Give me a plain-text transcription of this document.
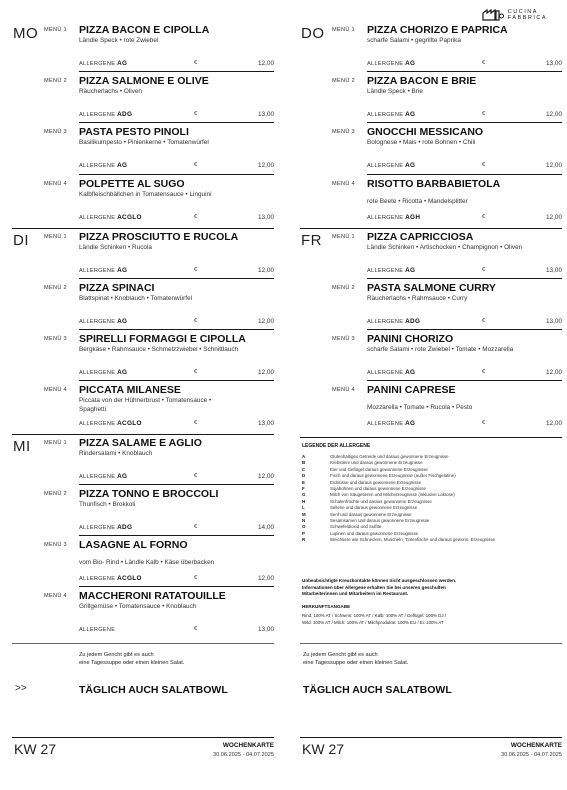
CUCINA
FABBRICA
MO MENÜ 1 PIZZA BACON E CIPOLLA
Ländle Speck • rote Zwiebel
ALLERGENE AG	€	12,00
MENÜ 2 PIZZA SALMONE E OLIVE
Räucherlachs • Oliven
ALLERGENE ADG	€	13,00
MENÜ 3 PASTA PESTO PINOLI
Basilikumpesto • Pinienkerne • Tomatenwürfel
ALLERGENE AG	€	12,00
MENÜ 4 POLPETTE AL SUGO
Kalbfleischbällchen in Tomatensauce • Linguini
ALLERGENE ACGLO	€	13,00
DI	MENÜ 1 PIZZA PROSCIUTTO E RUCOLA
Ländle Schinken • Rucola
ALLERGENE AG	€	12,00
MENÜ 2 PIZZA SPINACI
Blattspinat • Knoblauch • Tomatenwürfel
ALLERGENE AG	€	12,00
MENÜ 3 SPIRELLI FORMAGGI E CIPOLLA
Bergkäse • Rahmsauce • Schmelzzwiebel • Schnittlauch
ALLERGENE AG	€	12,00
MENÜ 4 PICCATA MILANESE
Piccata von der Hühnerbrust • Tomatensauce • Spaghetti
ALLERGENE ACGLO	€	13,00
MI MENÜ 1 PIZZA SALAME E AGLIO
Rindersalami • Knoblauch
ALLERGENE AG	€	12,00
MENÜ 2 PIZZA TONNO E BROCCOLI
Thunfisch • Brokkoli
ALLERGENE ADG	€	14,00
MENÜ 3 LASAGNE AL FORNO
vom Bio- Rind • Ländle Kalb • Käse überbacken
ALLERGENE ACGLO	€	12,00
MENÜ 4 MACCHERONI RATATOUILLE
Grillgemüse • Tomatensauce • Knoblauch
ALLERGENE	€	13,00
Zu jedem Gericht gibt es auch
eine Tagessuppe oder einen kleinen Salat.
>>	TÄGLICH AUCH SALATBOWL
KW 27	WOCHENKARTE
30.06.2025 - 04.07.2025
DO MENÜ 1 PIZZA CHORIZO E PAPRICA
scharfe Salami • gegrillte Paprika
ALLERGENE AG	€	13,00
MENÜ 2 PIZZA BACON E BRIE
Ländle Speck • Brie
ALLERGENE AG	€	12,00
MENÜ 3 GNOCCHI MESSICANO
Bolognese • Mais • rote Bohnen • Chili
ALLERGENE AG	€	12,00
MENÜ 4 RISOTTO BARBABIETOLA
rote Beete • Ricotta • Mandelsplitter
ALLERGENE AGH	€	12,00
FR MENÜ 1 PIZZA CAPRICCIOSA
Ländle Schinken • Artischocken • Champignon • Oliven
ALLERGENE AG	€	13,00
MENÜ 2 PASTA SALMONE CURRY
Räucherlachs • Rahmsauce • Curry
ALLERGENE ADG	€	13,00
MENÜ 3 PANINI CHORIZO
scharfe Salami • rote Zwiebel • Tomate • Mozzarella
ALLERGENE AG	€	12,00
MENÜ 4 PANINI CAPRESE
Mozzarella • Tomate • Rucola • Pesto
ALLERGENE AG	€	12,00
Zu jedem Gericht gibt es auch
eine Tagessuppe oder einen kleinen Salat.
TÄGLICH AUCH SALATBOWL
KW 27	WOCHENKARTE
30.06.2025 - 04.07.2025
LEGENDE DER ALLERGENE
A	Glutenhaltiges Getreide und daraus gewonnene Erzeugnisse
B	Krebstiere und daraus gewonnene Erzeugnisse
C	Eier und Geflügel daraus gewonnene Erzeugnisse
D	Fisch und daraus gewonnene Erzeugnisse (außer Fischgelatine)
E	Erdnüsse und daraus gewonnene Erzeugnisse
F	Sojabohnen und daraus gewonnene Erzeugnisse
G	Milch von Säugetieren und Milcherzeugnisse (inklusive Laktose)
H	Schalenfrüchte und daraus gewonnene Erzeugnisse
L	Sellerie und daraus gewonnene Erzeugnisse
M	Senf und daraus gewonnene Erzeugnisse
N	Sesamsamen und daraus gewonnene Erzeugnisse
O	Schwefeldioxid und Sulfite
P	Lupinen und daraus gewonnene Erzeugnisse
R	Weichtiere wie Schnecken, Muscheln, Tintenfische und daraus gewonn. Erzeugnisse
Unbeabsichtigte Kreuzkontakte können nicht ausgeschlossen werden.
Informationen über Allergene erhalten Sie bei unseren geschulten
Mitarbeiterinnen und Mitarbeitern im Restaurant.
HERKUNFTSANGABE
Rind: 100% AT / Schwein: 100% AT / Kalb: 100% AT / Geflügel: 100% DJ /
Wild: 100% AT / Milch: 100% AT / Milchprodukte: 100% EU / Ei: 100% AT
